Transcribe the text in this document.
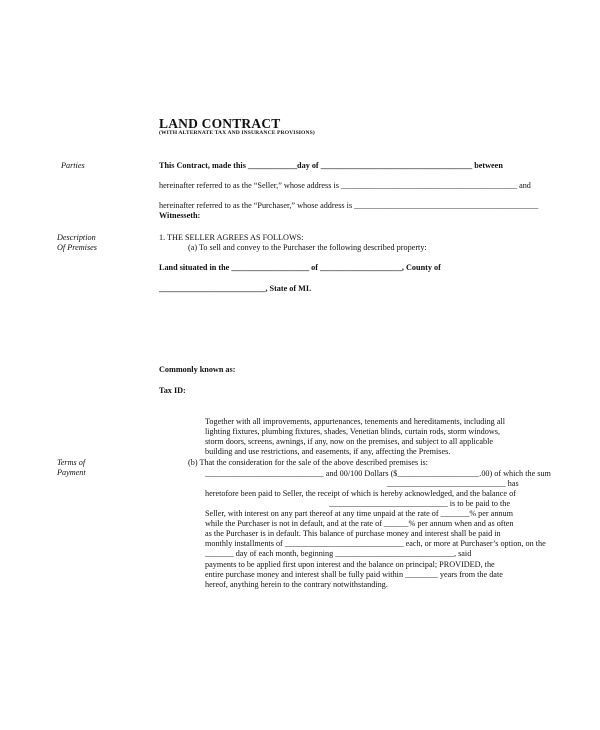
LAND CONTRACT
(WITH ALTERNATE TAX AND INSURANCE PROVISIONS)
Parties
Description
Of Premises
Terms of
Payment
This Contract, made this ____________day of _____________________________________ between
hereinafter referred to as the “Seller,” whose address is ___________________________________________ and
hereinafter referred to as the “Purchaser,” whose address is _____________________________________________
Witnesseth:
1. THE SELLER AGREES AS FOLLOWS:
(a) To sell and convey to the Purchaser the following described property:
Land situated in the ___________________ of ____________________, County of
__________________________, State of MI.
Commonly known as:
Tax ID:
Together with all improvements, appurtenances, tenements and hereditaments, including all
lighting fixtures, plumbing fixtures, shades, Venetian blinds, curtain rods, storm windows,
storm doors, screens, awnings, if any, now on the premises, and subject to all applicable
building and use restrictions, and easements, if any, affecting the Premises.
(b) That the consideration for the sale of the above described premises is:
_____________________________ and 00/100 Dollars ($____________________.00) of which the sum
_____________________________ has
heretofore been paid to Seller, the receipt of which is hereby acknowledged, and the balance of
_____________________________ is to be paid to the
Seller, with interest on any part thereof at any time unpaid at the rate of _______% per annum
while the Purchaser is not in default, and at the rate of ______% per annum when and as often
as the Purchaser is in default. This balance of purchase money and interest shall be paid in
monthly installments of _____________________________ each, or more at Purchaser’s option, on the
_______ day of each month, beginning _____________________________, said
payments to be applied first upon interest and the balance on principal; PROVIDED, the
entire purchase money and interest shall be fully paid within ________ years from the date
hereof, anything herein to the contrary notwithstanding.
